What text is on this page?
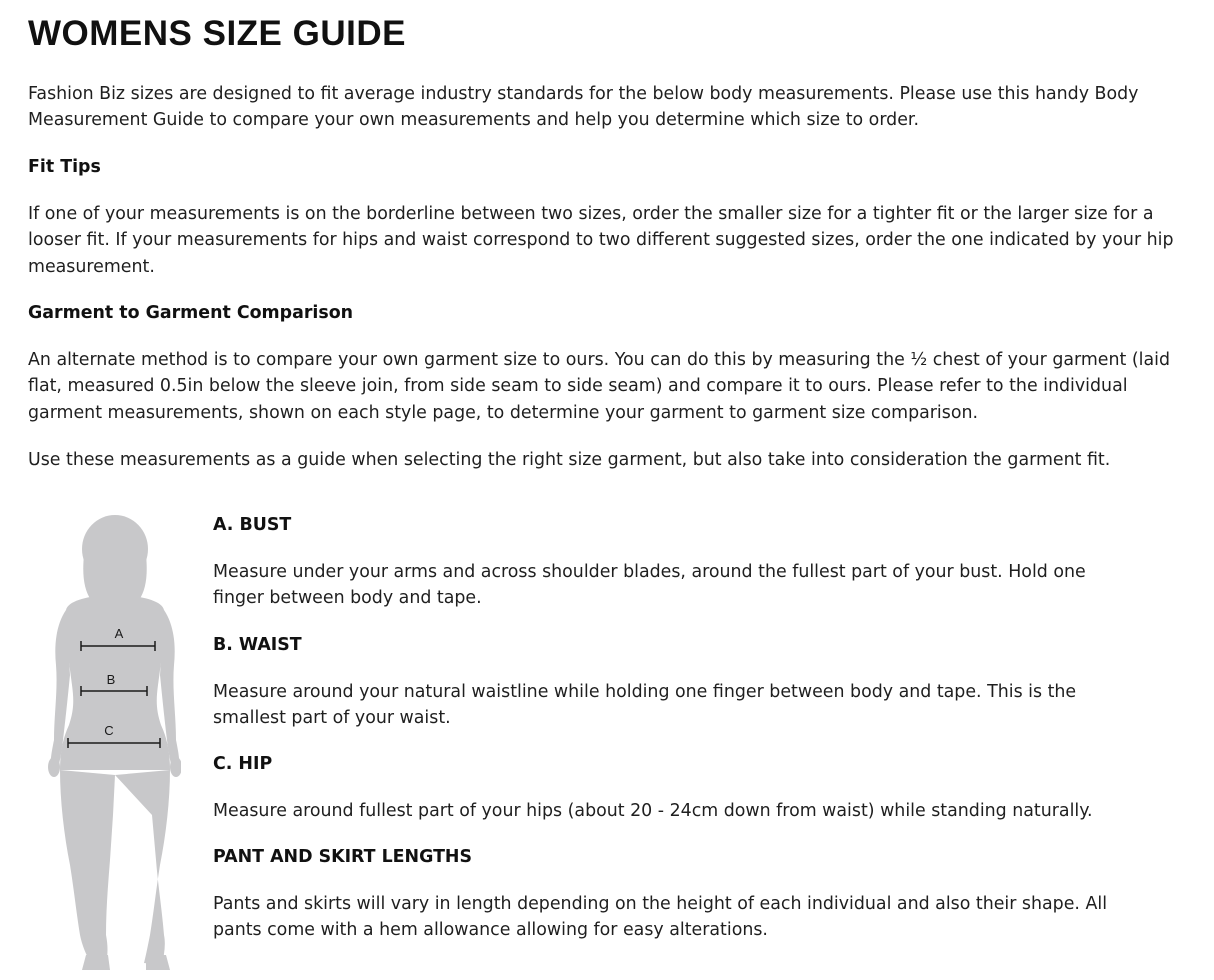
WOMENS SIZE GUIDE

Fashion Biz sizes are designed to fit average industry standards for the below body measurements. Please use this handy Body Measurement Guide to compare your own measurements and help you determine which size to order.

Fit Tips

If one of your measurements is on the borderline between two sizes, order the smaller size for a tighter fit or the larger size for a looser fit. If your measurements for hips and waist correspond to two different suggested sizes, order the one indicated by your hip measurement.

Garment to Garment Comparison

An alternate method is to compare your own garment size to ours. You can do this by measuring the ½ chest of your garment (laid flat, measured 0.5in below the sleeve join, from side seam to side seam) and compare it to ours. Please refer to the individual garment measurements, shown on each style page, to determine your garment to garment size comparison.

Use these measurements as a guide when selecting the right size garment, but also take into consideration the garment fit.

A
B
C

A. BUST

Measure under your arms and across shoulder blades, around the fullest part of your bust. Hold one finger between body and tape.

B. WAIST

Measure around your natural waistline while holding one finger between body and tape. This is the smallest part of your waist.

C. HIP

Measure around fullest part of your hips (about 20 - 24cm down from waist) while standing naturally.

PANT AND SKIRT LENGTHS

Pants and skirts will vary in length depending on the height of each individual and also their shape. All pants come with a hem allowance allowing for easy alterations.
